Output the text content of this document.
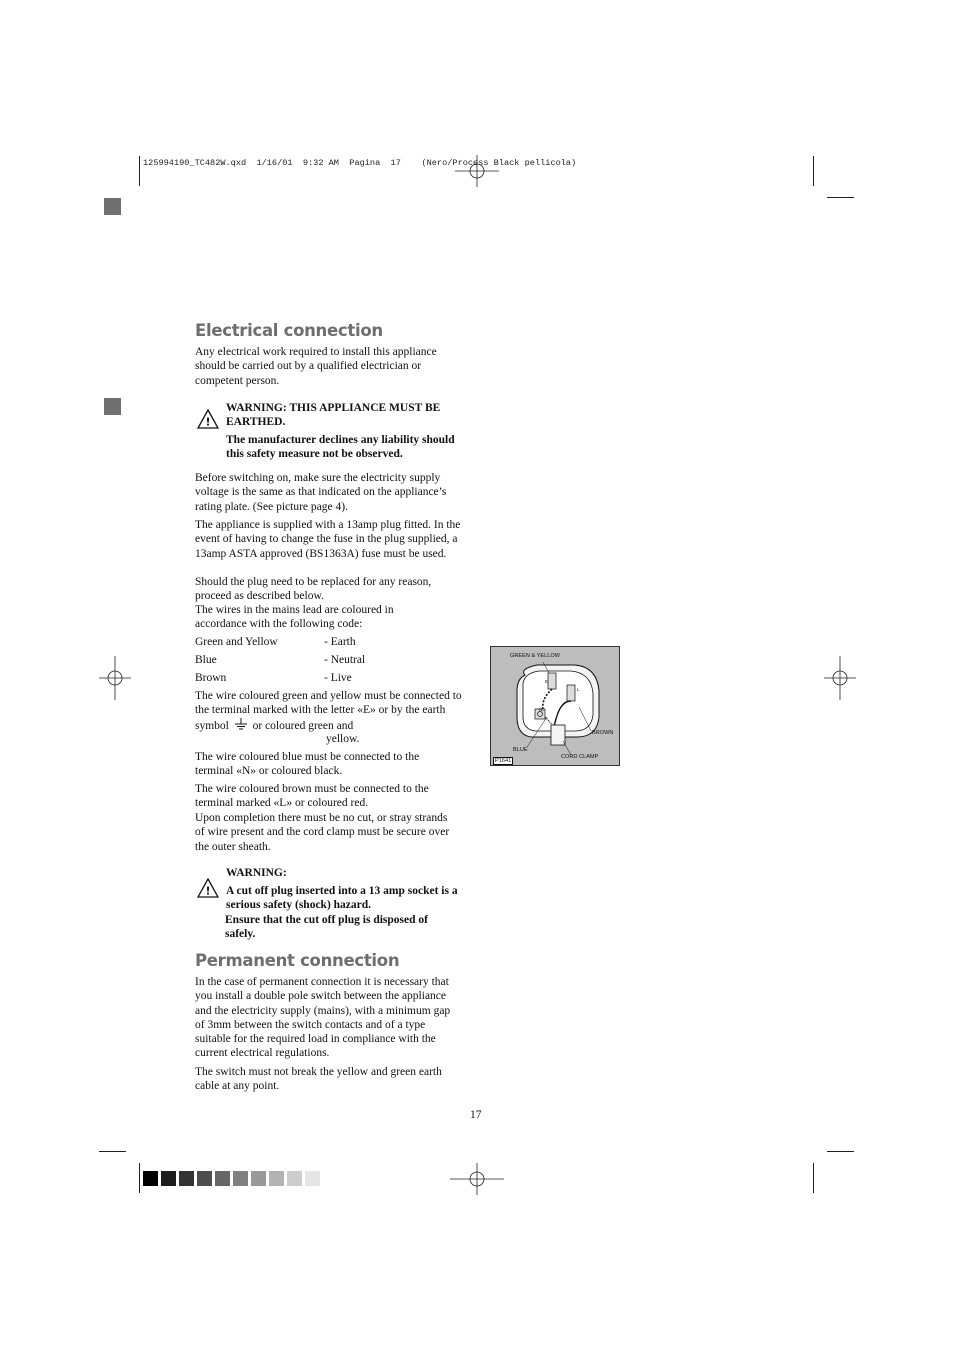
125994190_TC482W.qxd  1/16/01  9:32 AM  Pagina  17    (Nero/Process Black pellicola)
Electrical connection
Any electrical work required to install this appliance should be carried out by a qualified electrician or competent person.
!
WARNING: THIS APPLIANCE MUST BE EARTHED.
The manufacturer declines any liability should this safety measure not be observed.
Before switching on, make sure the electricity supply voltage is the same as that indicated on the appliance’s rating plate. (See picture page 4).
The appliance is supplied with a 13amp plug fitted. In the event of having to change the fuse in the plug supplied, a 13amp ASTA approved (BS1363A) fuse must be used.
Should the plug need to be replaced for any reason, proceed as described below.
The wires in the mains lead are coloured in accordance with the following code:
Green and Yellow	- Earth
Blue	- Neutral
Brown	- Live
The wire coloured green and yellow must be connected to the terminal marked with the letter «E» or by the earth symbol or coloured green and
yellow.
The wire coloured blue must be connected to the terminal «N» or coloured black.
The wire coloured brown must be connected to the terminal marked «L» or coloured red.
Upon completion there must be no cut, or stray strands of wire present and the cord clamp must be secure over the outer sheath.
WARNING:
! A cut off plug inserted into a 13 amp socket is a serious safety (shock) hazard.
Ensure that the cut off plug is disposed of safely.
Permanent connection
In the case of permanent connection it is necessary that you install a double pole switch between the appliance and the electricity supply (mains), with a minimum gap of 3mm between the switch contacts and of a type suitable for the required load in compliance with the current electrical regulations.
The switch must not break the yellow and green earth cable at any point.
17
N
L
E
GREEN & YELLOW
BROWN
BLUE
CORD CLAMP
P1641
